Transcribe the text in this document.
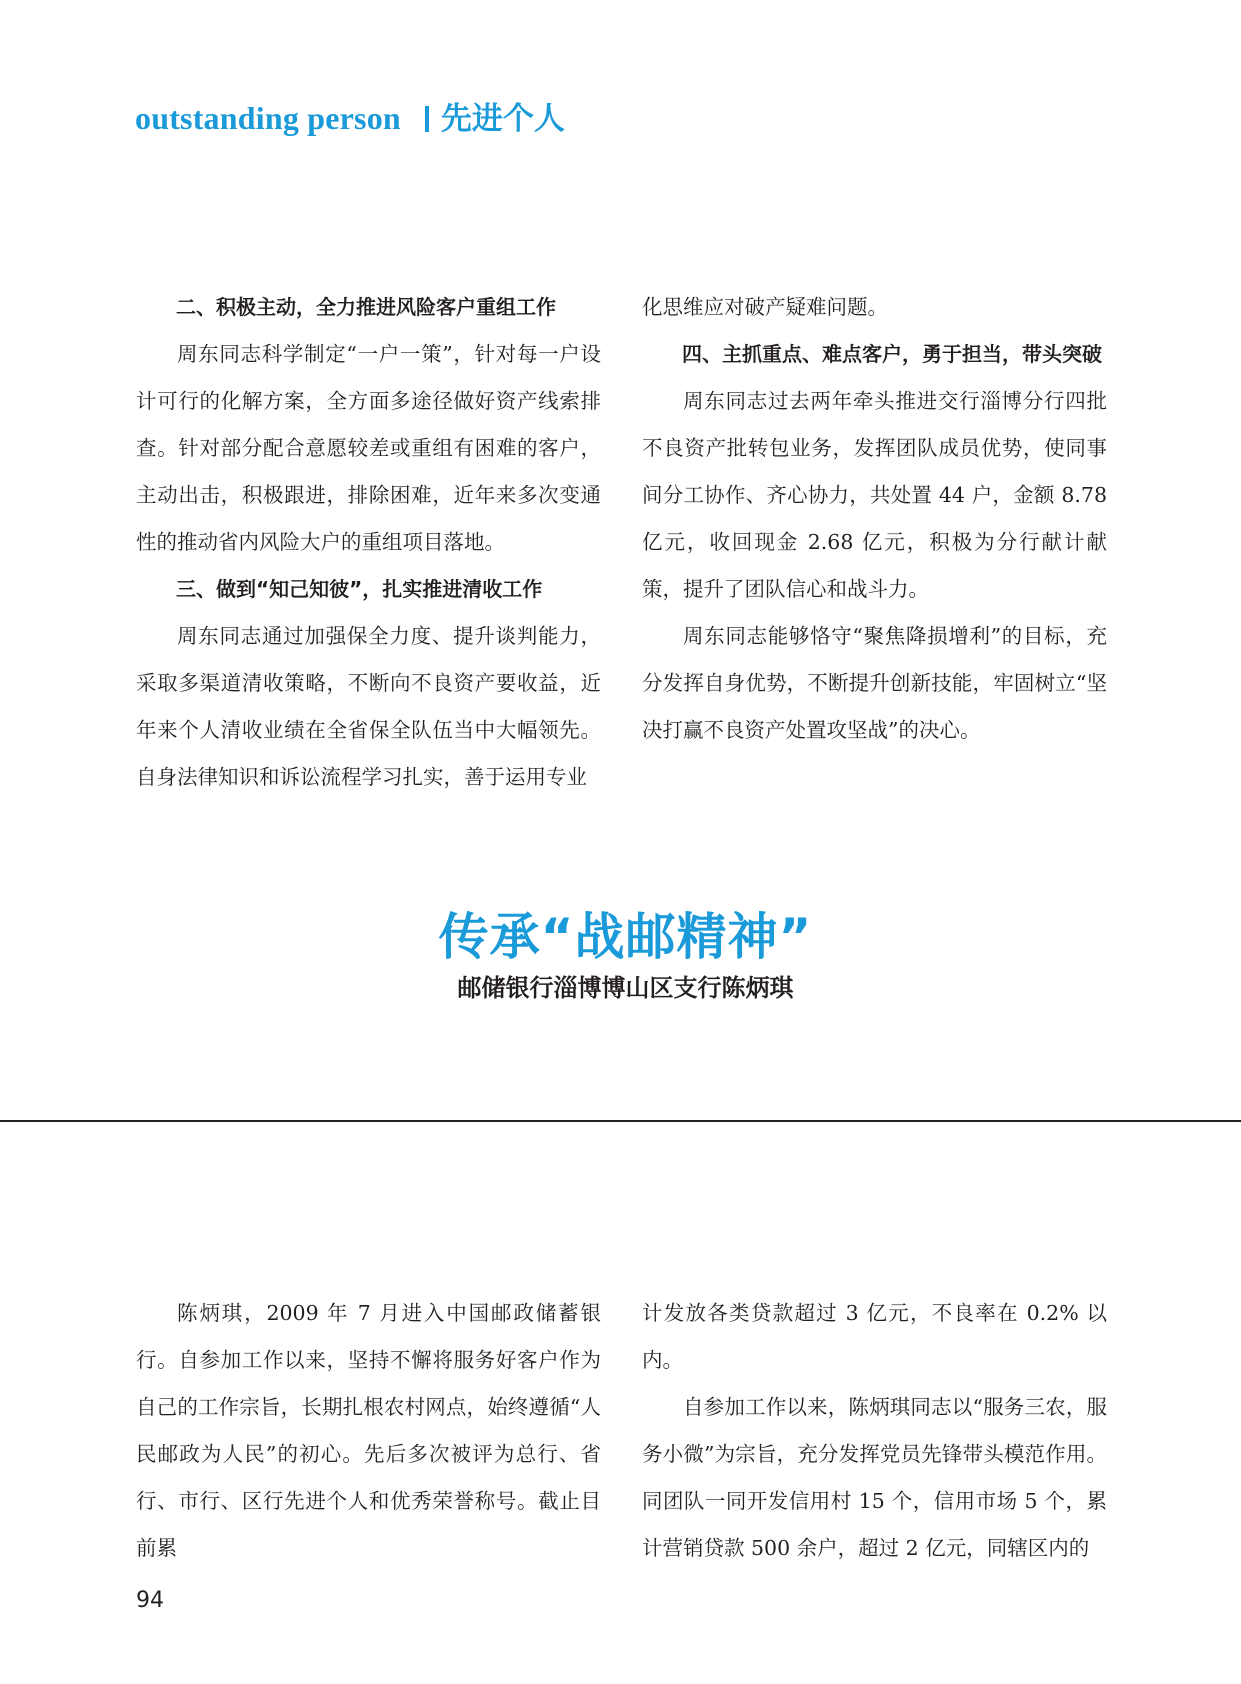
outstanding person 先进个人

二、积极主动，全力推进风险客户重组工作

周东同志科学制定“一户一策”，针对每一户设计可行的化解方案，全方面多途径做好资产线索排查。针对部分配合意愿较差或重组有困难的客户，主动出击，积极跟进，排除困难，近年来多次变通性的推动省内风险大户的重组项目落地。

三、做到“知己知彼”，扎实推进清收工作

周东同志通过加强保全力度、提升谈判能力，采取多渠道清收策略，不断向不良资产要收益，近年来个人清收业绩在全省保全队伍当中大幅领先。自身法律知识和诉讼流程学习扎实，善于运用专业

化思维应对破产疑难问题。

四、主抓重点、难点客户，勇于担当，带头突破

周东同志过去两年牵头推进交行淄博分行四批不良资产批转包业务，发挥团队成员优势，使同事间分工协作、齐心协力，共处置 44 户，金额 8.78 亿元，收回现金 2.68 亿元，积极为分行献计献策，提升了团队信心和战斗力。

周东同志能够恪守“聚焦降损增利”的目标，充分发挥自身优势，不断提升创新技能，牢固树立“坚决打赢不良资产处置攻坚战”的决心。

传承“战邮精神”
邮储银行淄博博山区支行陈炳琪

陈炳琪，2009 年 7 月进入中国邮政储蓄银行。自参加工作以来，坚持不懈将服务好客户作为自己的工作宗旨，长期扎根农村网点，始终遵循“人民邮政为人民”的初心。先后多次被评为总行、省行、市行、区行先进个人和优秀荣誉称号。截止目前累

计发放各类贷款超过 3 亿元，不良率在 0.2% 以内。

自参加工作以来，陈炳琪同志以“服务三农，服务小微”为宗旨，充分发挥党员先锋带头模范作用。同团队一同开发信用村 15 个，信用市场 5 个，累计营销贷款 500 余户，超过 2 亿元，同辖区内的

94
